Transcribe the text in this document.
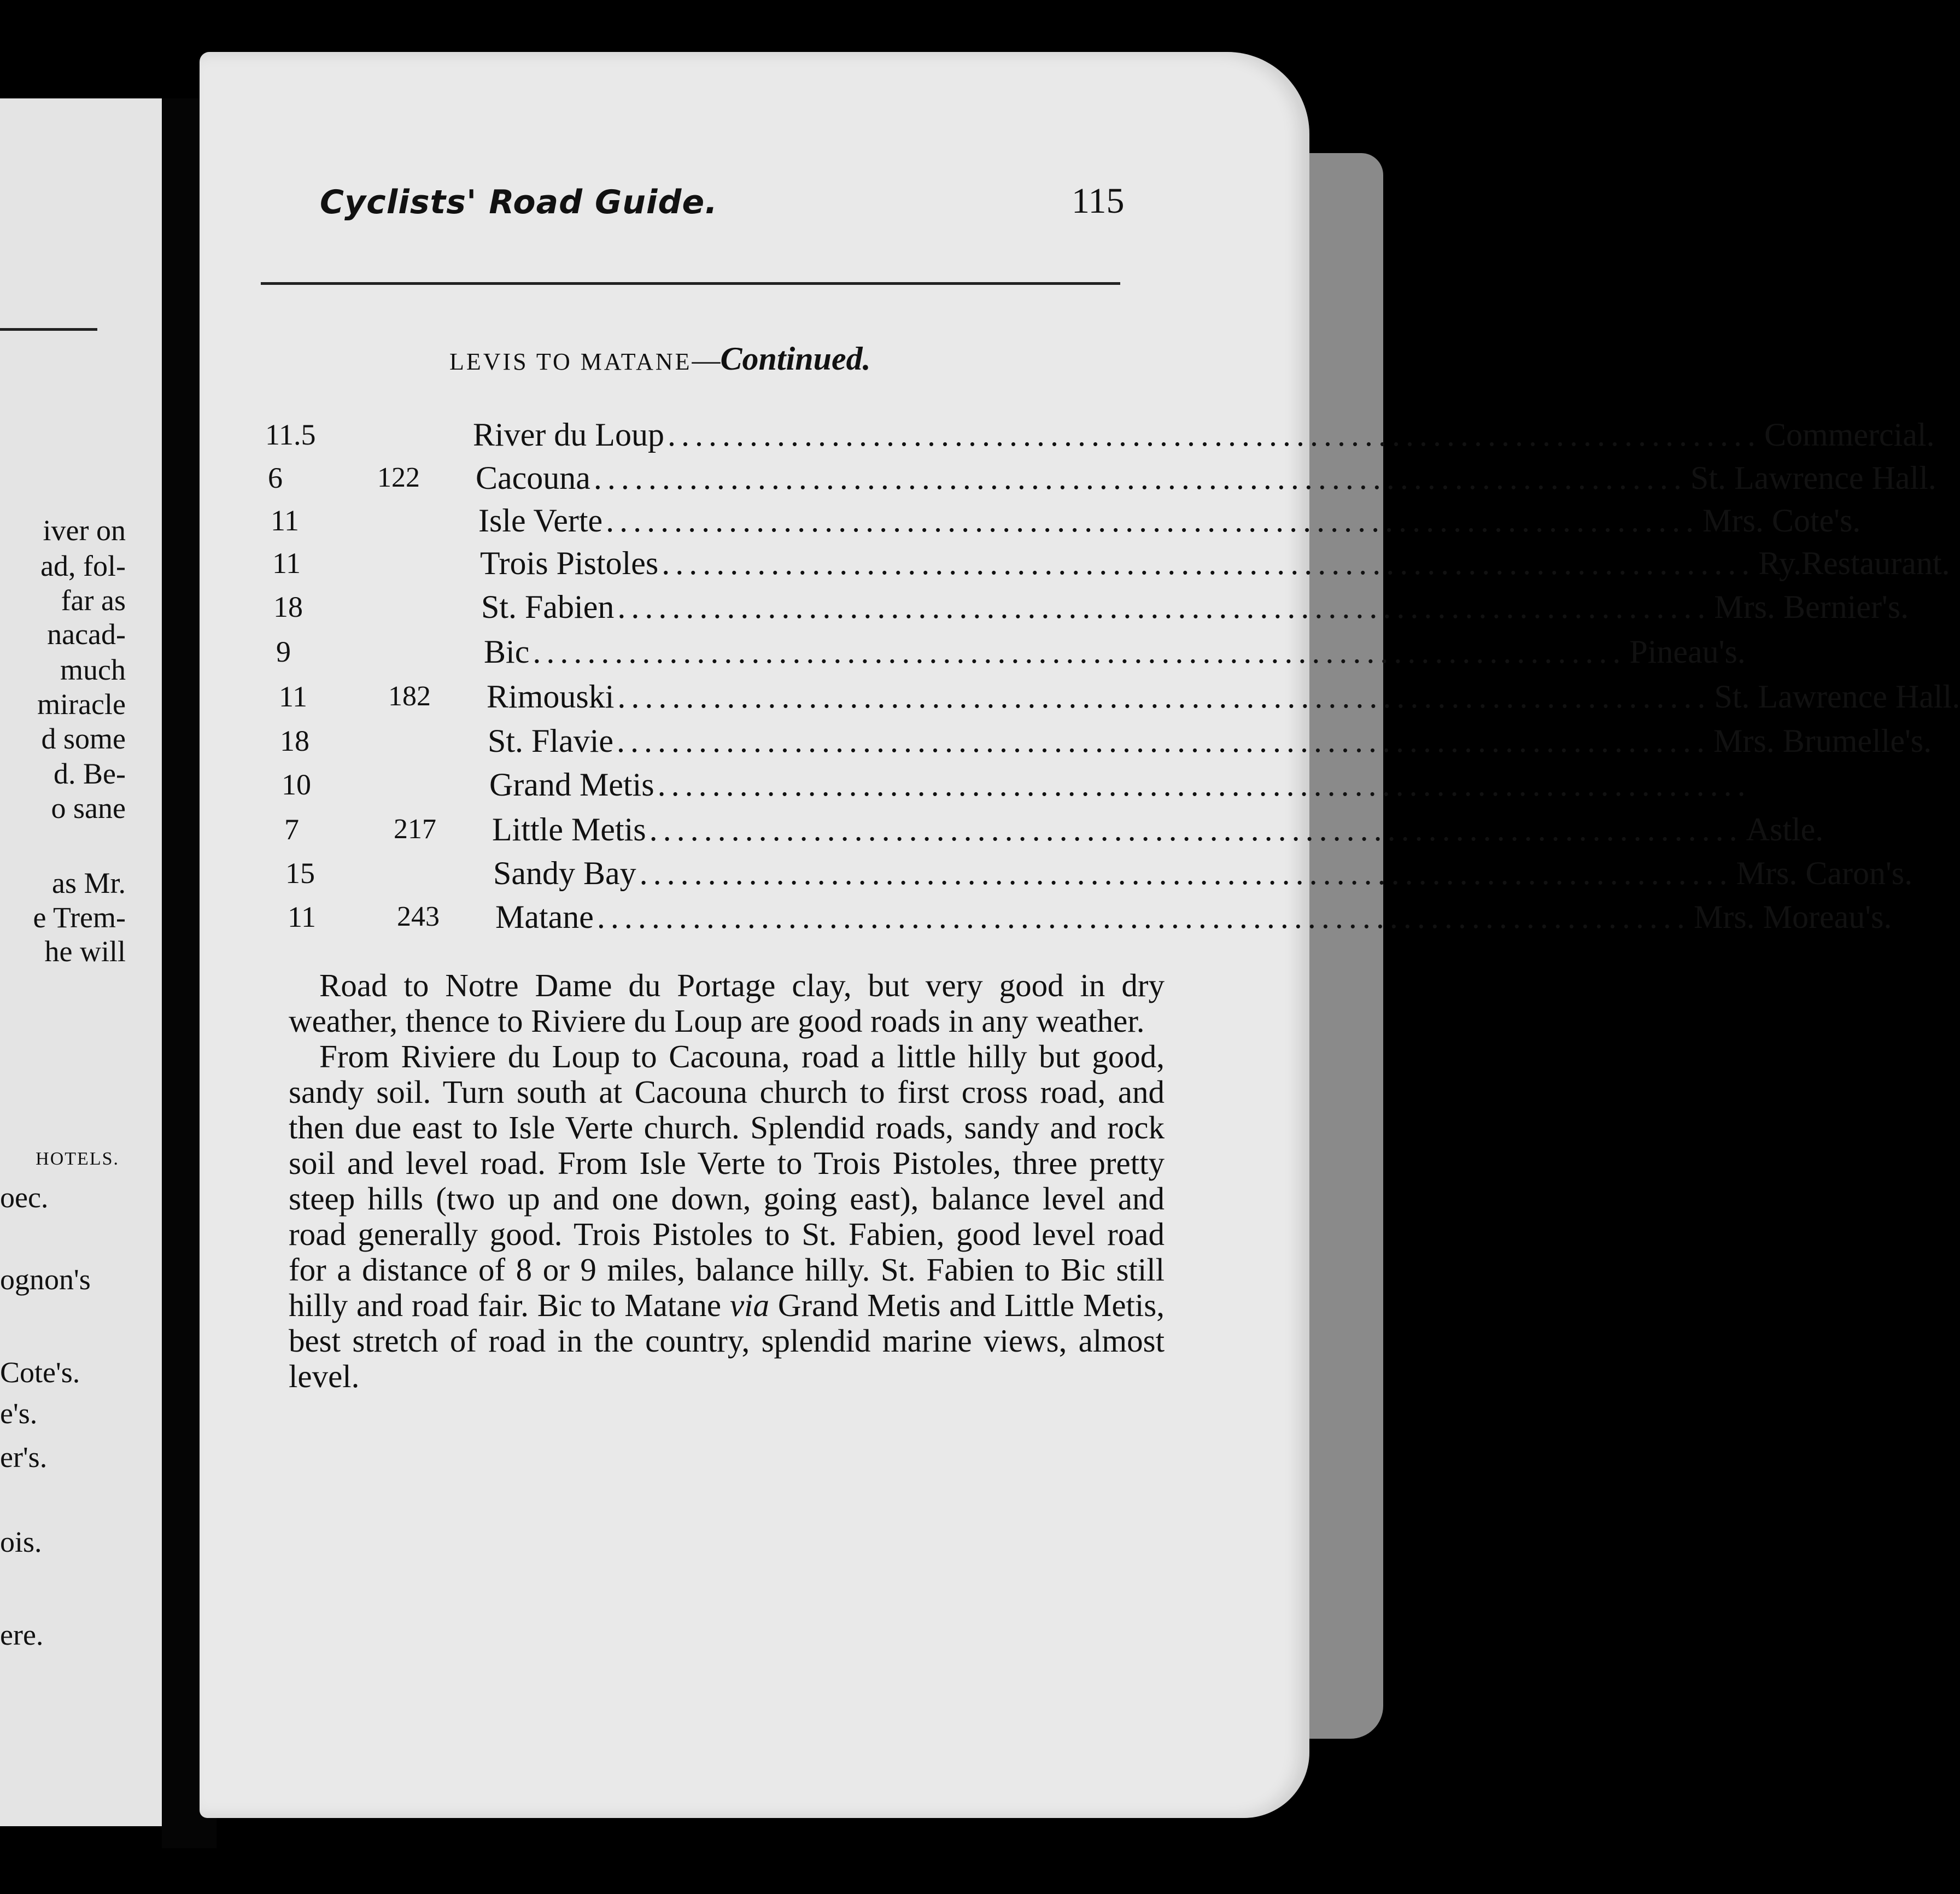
iver on
ad, fol-
far as
nacad-
much
miracle
d some
d. Be-
o sane
as Mr.
e Trem-
he will
HOTELS.
oec.
ognon's
Cote's.
e's.
er's.
ois.
ere.
Cyclists' Road Guide.	115
LEVIS TO MATANE—Continued.
11.5	River du Loup ................................................................................ Commercial.
6	122	Cacouna ................................................................................ St. Lawrence Hall.
11	Isle Verte ................................................................................ Mrs. Cote's.
11	Trois Pistoles ................................................................................ Ry.Restaurant.
18	St. Fabien ................................................................................ Mrs. Bernier's.
9	Bic ................................................................................ Pineau's.
11	182	Rimouski ................................................................................ St. Lawrence Hall.
18	St. Flavie ................................................................................ Mrs. Brumelle's.
10	Grand Metis ................................................................................
7	217	Little Metis ................................................................................ Astle.
15	Sandy Bay ................................................................................ Mrs. Caron's.
11	243	Matane ................................................................................ Mrs. Moreau's.

Road to Notre Dame du Portage clay, but very good in dry weather, thence to Riviere du Loup are good roads in any weather.

From Riviere du Loup to Cacouna, road a little hilly but good, sandy soil. Turn south at Cacouna church to first cross road, and then due east to Isle Verte church. Splendid roads, sandy and rock soil and level road. From Isle Verte to Trois Pistoles, three pretty steep hills (two up and one down, going east), balance level and road generally good. Trois Pistoles to St. Fabien, good level road for a distance of 8 or 9 miles, balance hilly. St. Fabien to Bic still hilly and road fair. Bic to Matane via Grand Metis and Little Metis, best stretch of road in the country, splendid marine views, almost level.
